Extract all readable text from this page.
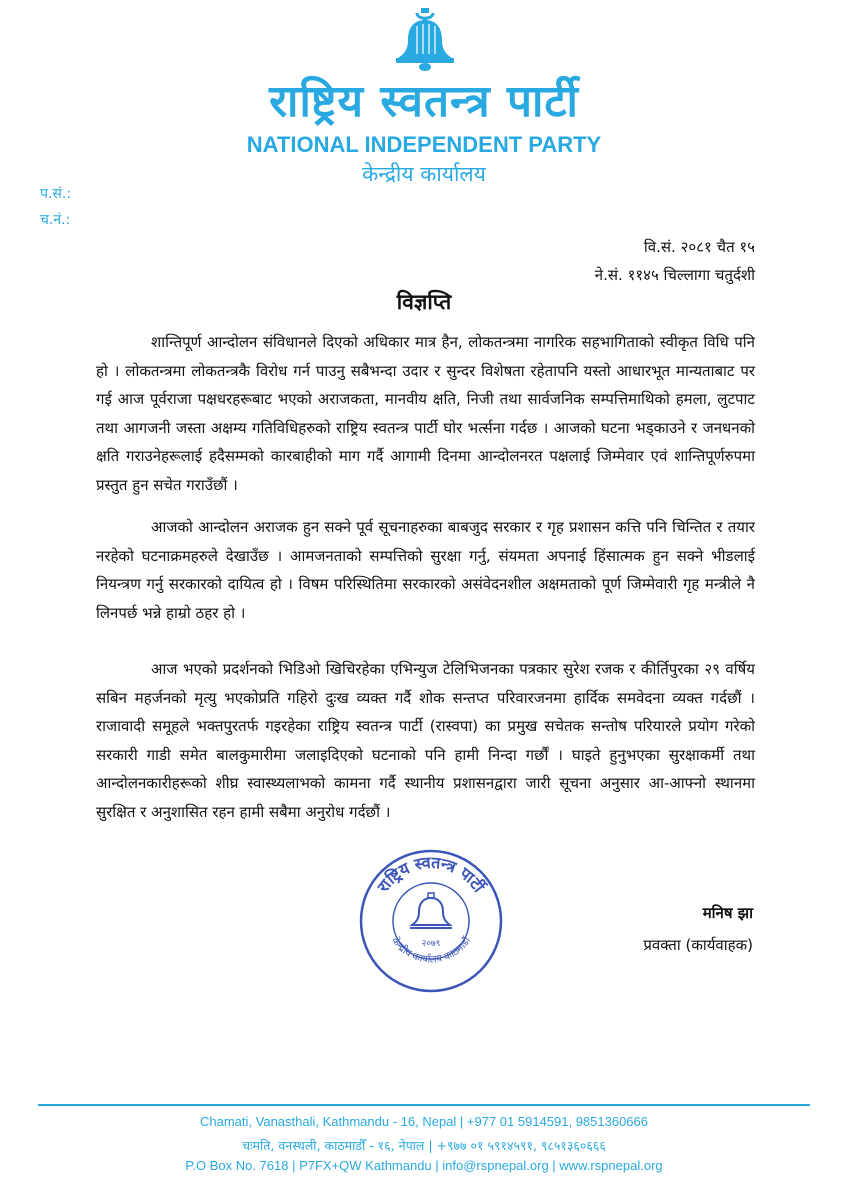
राष्ट्रिय स्वतन्त्र पार्टी
NATIONAL INDEPENDENT PARTY
केन्द्रीय कार्यालय
प.सं.:
च.नं.:
वि.सं. २०८१ चैत १५
ने.सं. ११४५ चिल्लागा चतुर्दशी
विज्ञप्ति

शान्तिपूर्ण आन्दोलन संविधानले दिएको अधिकार मात्र हैन, लोकतन्त्रमा नागरिक सहभागिताको स्वीकृत विधि पनि हो । लोकतन्त्रमा लोकतन्त्रकै विरोध गर्न पाउनु सबैभन्दा उदार र सुन्दर विशेषता रहेतापनि यस्तो आधारभूत मान्यताबाट पर गई आज पूर्वराजा पक्षधरहरूबाट भएको अराजकता, मानवीय क्षति, निजी तथा सार्वजनिक सम्पत्तिमाथिको हमला, लुटपाट तथा आगजनी जस्ता अक्षम्य गतिविधिहरुको राष्ट्रिय स्वतन्त्र पार्टी घोर भर्त्सना गर्दछ । आजको घटना भड्काउने र जनधनको क्षति गराउनेहरूलाई हदैसम्मको कारबाहीको माग गर्दै आगामी दिनमा आन्दोलनरत पक्षलाई जिम्मेवार एवं शान्तिपूर्णरुपमा प्रस्तुत हुन सचेत गराउँछौं ।

आजको आन्दोलन अराजक हुन सक्ने पूर्व सूचनाहरुका बाबजुद सरकार र गृह प्रशासन कत्ति पनि चिन्तित र तयार नरहेको घटनाक्रमहरुले देखाउँछ । आमजनताको सम्पत्तिको सुरक्षा गर्नु, संयमता अपनाई हिंसात्मक हुन सक्ने भीडलाई नियन्त्रण गर्नु सरकारको दायित्व हो । विषम परिस्थितिमा सरकारको असंवेदनशील अक्षमताको पूर्ण जिम्मेवारी गृह मन्त्रीले नै लिनपर्छ भन्ने हाम्रो ठहर हो ।

आज भएको प्रदर्शनको भिडिओ खिचिरहेका एभिन्युज टेलिभिजनका पत्रकार सुरेश रजक र कीर्तिपुरका २९ वर्षिय सबिन महर्जनको मृत्यु भएकोप्रति गहिरो दुःख व्यक्त गर्दै शोक सन्तप्त परिवारजनमा हार्दिक समवेदना व्यक्त गर्दछौं । राजावादी समूहले भक्तपुरतर्फ गइरहेका राष्ट्रिय स्वतन्त्र पार्टी (रास्वपा) का प्रमुख सचेतक सन्तोष परियारले प्रयोग गरेको सरकारी गाडी समेत बालकुमारीमा जलाइदिएको घटनाको पनि हामी निन्दा गर्छौं । घाइते हुनुभएका सुरक्षाकर्मी तथा आन्दोलनकारीहरूको शीघ्र स्वास्थ्यलाभको कामना गर्दै स्थानीय प्रशासनद्वारा जारी सूचना अनुसार आ-आफ्नो स्थानमा सुरक्षित र अनुशासित रहन हामी सबैमा अनुरोध गर्दछौं ।

राष्ट्रिय स्वतन्त्र पार्टी
केन्द्रीय कार्यालय काठमाडौं
२०७९
मनिष झा
प्रवक्ता (कार्यवाहक)
Chamati, Vanasthali, Kathmandu - 16, Nepal | +977 01 5914591, 9851360666
चःमति, वनस्थली, काठमाडौँ - १६, नेपाल | +९७७ ०१ ५९१४५९१, ९८५१३६०६६६
P.O Box No. 7618 | P7FX+QW Kathmandu | info@rspnepal.org | www.rspnepal.org
